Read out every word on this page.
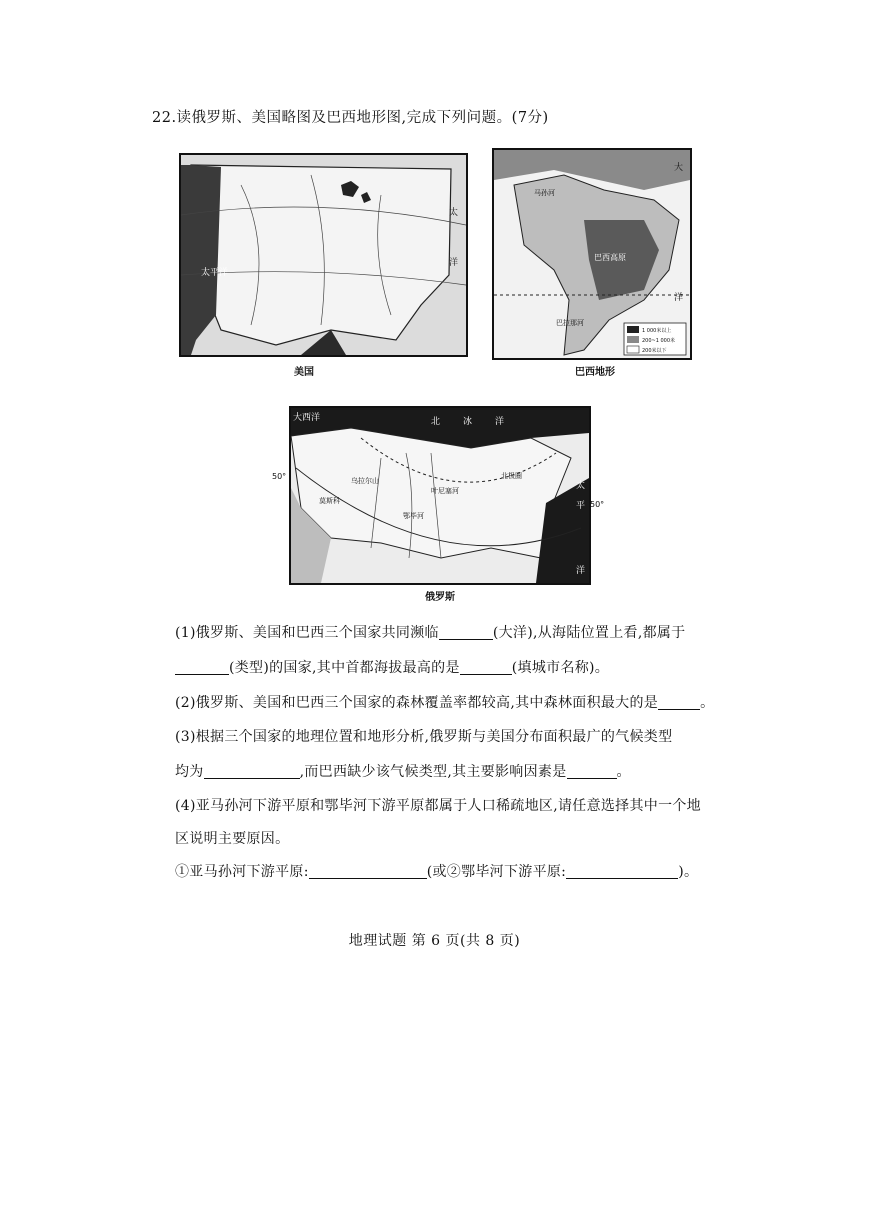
22.读俄罗斯、美国略图及巴西地形图,完成下列问题。(7分)
太平洋
太
洋
美国
大
洋
马孙河
巴西高原
巴拉那河
1 000米以上
200~1 000米
200米以下
巴西地形
大西洋	北	冰	洋
北极圈
莫斯科
乌拉尔山
鄂毕河
叶尼塞河	太
平
洋
50°
50°
俄罗斯
(1)俄罗斯、美国和巴西三个国家共同濒临	(大洋),从海陆位置上看,都属于
(类型)的国家,其中首都海拔最高的是	(填城市名称)。
(2)俄罗斯、美国和巴西三个国家的森林覆盖率都较高,其中森林面积最大的是	。
(3)根据三个国家的地理位置和地形分析,俄罗斯与美国分布面积最广的气候类型
均为	,而巴西缺少该气候类型,其主要影响因素是	。
(4)亚马孙河下游平原和鄂毕河下游平原都属于人口稀疏地区,请任意选择其中一个地
区说明主要原因。
①亚马孙河下游平原:	(或②鄂毕河下游平原:	)。
地理试题 第 6 页(共 8 页)
